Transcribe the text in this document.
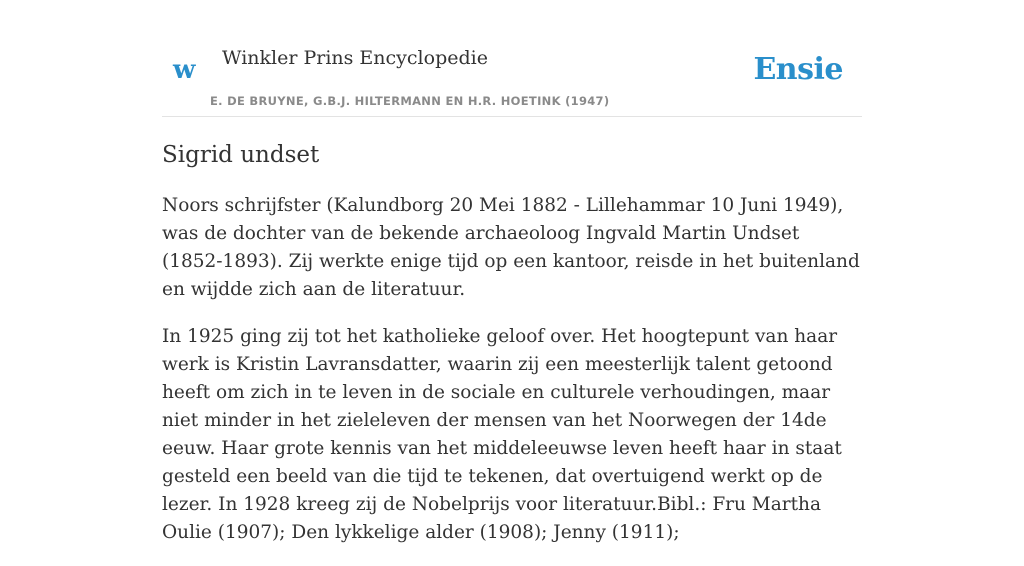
w Winkler Prins Encyclopedie
E. DE BRUYNE, G.B.J. HILTERMANN EN H.R. HOETINK (1947)
Ensie
Sigrid undset

Noors schrijfster (Kalundborg 20 Mei 1882 - Lillehammar 10 Juni 1949), was de dochter van de bekende archaeoloog Ingvald Martin Undset (1852-1893). Zij werkte enige tijd op een kantoor, reisde in het buitenland en wijdde zich aan de literatuur.

In 1925 ging zij tot het katholieke geloof over. Het hoogtepunt van haar werk is Kristin Lavransdatter, waarin zij een meesterlijk talent getoond heeft om zich in te leven in de sociale en culturele verhoudingen, maar niet minder in het zieleleven der mensen van het Noorwegen der 14de eeuw. Haar grote kennis van het middeleeuwse leven heeft haar in staat gesteld een beeld van die tijd te tekenen, dat overtuigend werkt op de lezer. In 1928 kreeg zij de Nobelprijs voor literatuur.Bibl.: Fru Martha Oulie (1907); Den lykkelige alder (1908); Jenny (1911);
